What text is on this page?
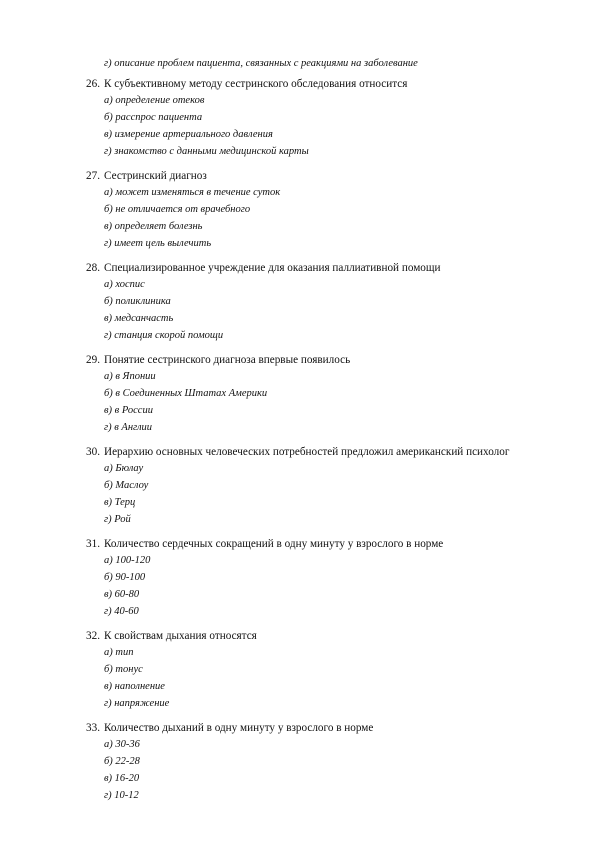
г) описание проблем пациента, связанных с реакциями на заболевание
26. К субъективному методу сестринского обследования относится
а) определение отеков
б) расспрос пациента
в) измерение артериального давления
г) знакомство с данными медицинской карты
27. Сестринский диагноз
а) может изменяться в течение суток
б) не отличается от врачебного
в) определяет болезнь
г) имеет цель вылечить
28. Специализированное учреждение для оказания паллиативной помощи
а) хоспис
б) поликлиника
в) медсанчасть
г) станция скорой помощи
29. Понятие сестринского диагноза впервые появилось
а) в Японии
б) в Соединенных Штатах Америки
в) в России
г) в Англии
30. Иерархию основных человеческих потребностей предложил американский психолог
а) Бюлау
б) Маслоу
в) Терц
г) Рой
31. Количество сердечных сокращений в одну минуту у взрослого в норме
а) 100-120
б) 90-100
в) 60-80
г) 40-60
32. К свойствам дыхания относятся
а) тип
б) тонус
в) наполнение
г) напряжение
33. Количество дыханий в одну минуту у взрослого в норме
а) 30-36
б) 22-28
в) 16-20
г) 10-12
